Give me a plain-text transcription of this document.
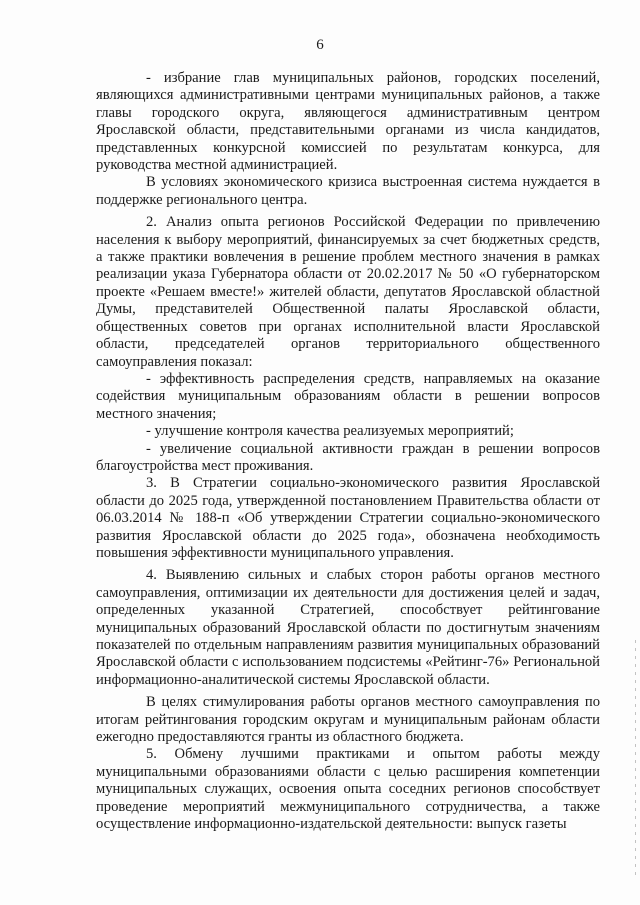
6

- избрание глав муниципальных районов, городских поселений, являющихся административными центрами муниципальных районов, а также главы городского округа, являющегося административным центром Ярославской области, представительными органами из числа кандидатов, представленных конкурсной комиссией по результатам конкурса, для руководства местной администрацией.

В условиях экономического кризиса выстроенная система нуждается в поддержке регионального центра.

2. Анализ опыта регионов Российской Федерации по привлечению населения к выбору мероприятий, финансируемых за счет бюджетных средств, а также практики вовлечения в решение проблем местного значения в рамках реализации указа Губернатора области от 20.02.2017 № 50 «О губернаторском проекте «Решаем вместе!» жителей области, депутатов Ярославской областной Думы, представителей Общественной палаты Ярославской области, общественных советов при органах исполнительной власти Ярославской области, председателей органов территориального общественного самоуправления показал:

- эффективность распределения средств, направляемых на оказание содействия муниципальным образованиям области в решении вопросов местного значения;

- улучшение контроля качества реализуемых мероприятий;

- увеличение социальной активности граждан в решении вопросов благоустройства мест проживания.

3. В Стратегии социально-экономического развития Ярославской области до 2025 года, утвержденной постановлением Правительства области от 06.03.2014 № 188-п «Об утверждении Стратегии социально-экономического развития Ярославской области до 2025 года», обозначена необходимость повышения эффективности муниципального управления.

4. Выявлению сильных и слабых сторон работы органов местного самоуправления, оптимизации их деятельности для достижения целей и задач, определенных указанной Стратегией, способствует рейтингование муниципальных образований Ярославской области по достигнутым значениям показателей по отдельным направлениям развития муниципальных образований Ярославской области с использованием подсистемы «Рейтинг-76» Региональной информационно-аналитической системы Ярославской области.

В целях стимулирования работы органов местного самоуправления по итогам рейтингования городским округам и муниципальным районам области ежегодно предоставляются гранты из областного бюджета.

5. Обмену лучшими практиками и опытом работы между муниципальными образованиями области с целью расширения компетенции муниципальных служащих, освоения опыта соседних регионов способствует проведение мероприятий межмуниципального сотрудничества, а также осуществление информационно-издательской деятельности: выпуск газеты
